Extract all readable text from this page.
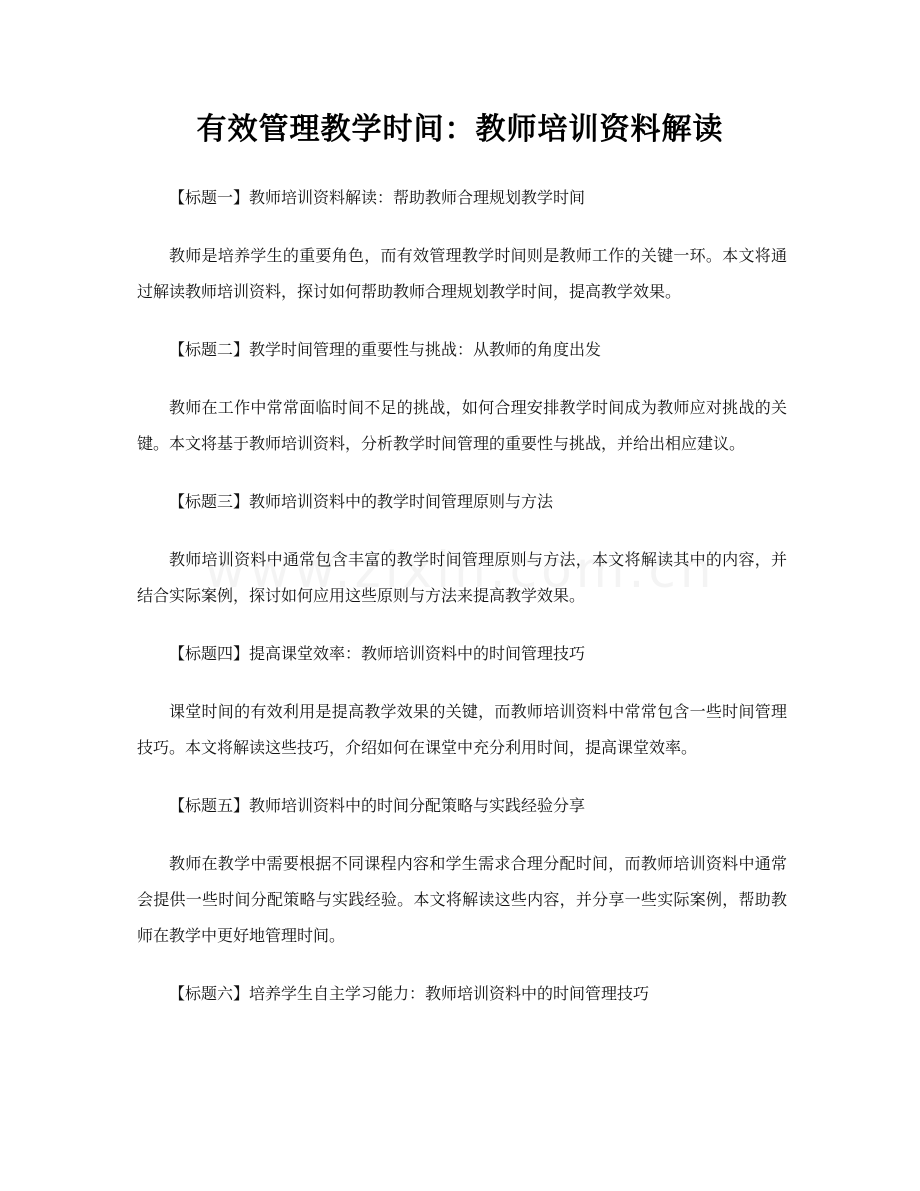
有效管理教学时间：教师培训资料解读

【标题一】教师培训资料解读：帮助教师合理规划教学时间

教师是培养学生的重要角色，而有效管理教学时间则是教师工作的关键一环。本文将通过解读教师培训资料，探讨如何帮助教师合理规划教学时间，提高教学效果。

【标题二】教学时间管理的重要性与挑战：从教师的角度出发

教师在工作中常常面临时间不足的挑战，如何合理安排教学时间成为教师应对挑战的关键。本文将基于教师培训资料，分析教学时间管理的重要性与挑战，并给出相应建议。

【标题三】教师培训资料中的教学时间管理原则与方法

教师培训资料中通常包含丰富的教学时间管理原则与方法，本文将解读其中的内容，并结合实际案例，探讨如何应用这些原则与方法来提高教学效果。

【标题四】提高课堂效率：教师培训资料中的时间管理技巧

课堂时间的有效利用是提高教学效果的关键，而教师培训资料中常常包含一些时间管理技巧。本文将解读这些技巧，介绍如何在课堂中充分利用时间，提高课堂效率。

【标题五】教师培训资料中的时间分配策略与实践经验分享

教师在教学中需要根据不同课程内容和学生需求合理分配时间，而教师培训资料中通常会提供一些时间分配策略与实践经验。本文将解读这些内容，并分享一些实际案例，帮助教师在教学中更好地管理时间。

【标题六】培养学生自主学习能力：教师培训资料中的时间管理技巧
